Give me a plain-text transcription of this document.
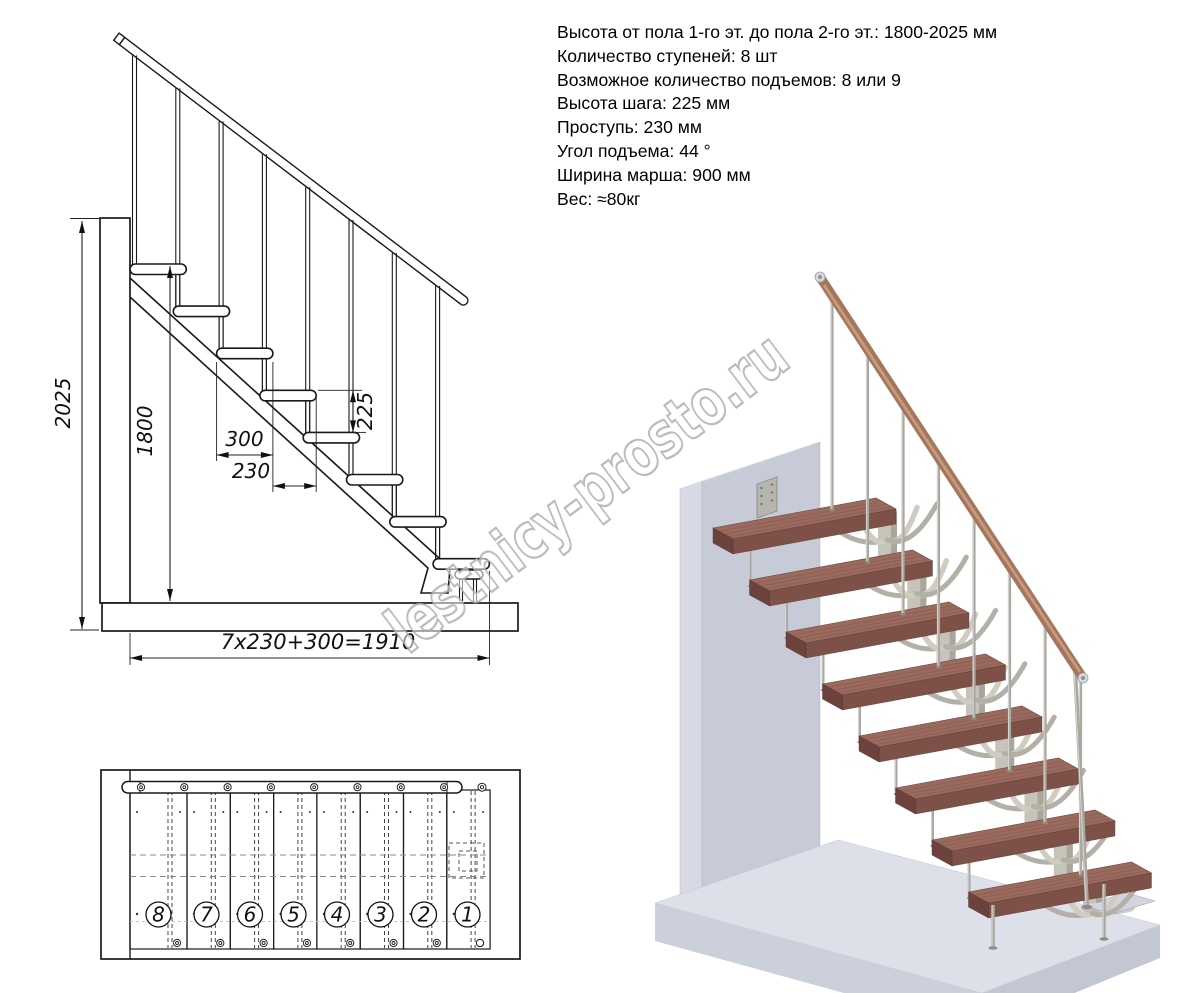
2025
1800	300
230
225
7x230+300=1910
8 7 6 5 4 3 2 1
lestnicy-prosto.ru
Высота от пола 1-го эт. до пола 2-го эт.: 1800-2025 мм
Количество ступеней: 8 шт
Возможное количество подъемов: 8 или 9
Высота шага: 225 мм
Проступь: 230 мм
Угол подъема: 44 °
Ширина марша: 900 мм
Вес: ≈80кг
